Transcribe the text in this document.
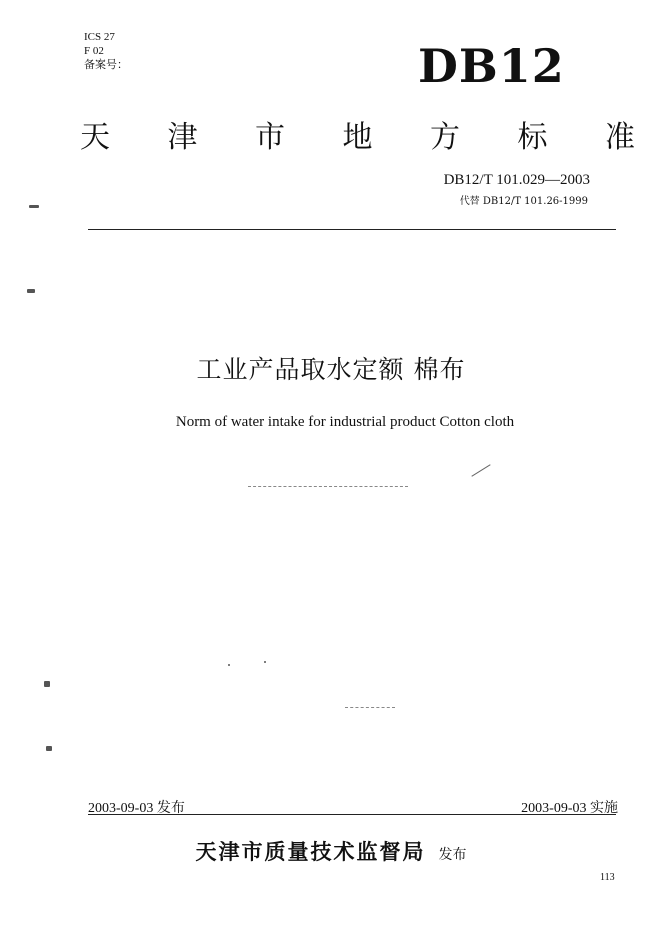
ICS 27
F 02
备案号：	DB12
天 津 市 地 方 标 准
DB12/T 101.029—2003
代替 DB12/T 101.26-1999
工业产品取水定额 棉布
Norm of water intake for industrial product Cotton cloth
2003-09-03 发布	2003-09-03 实施
天津市质量技术监督局 发布
113
